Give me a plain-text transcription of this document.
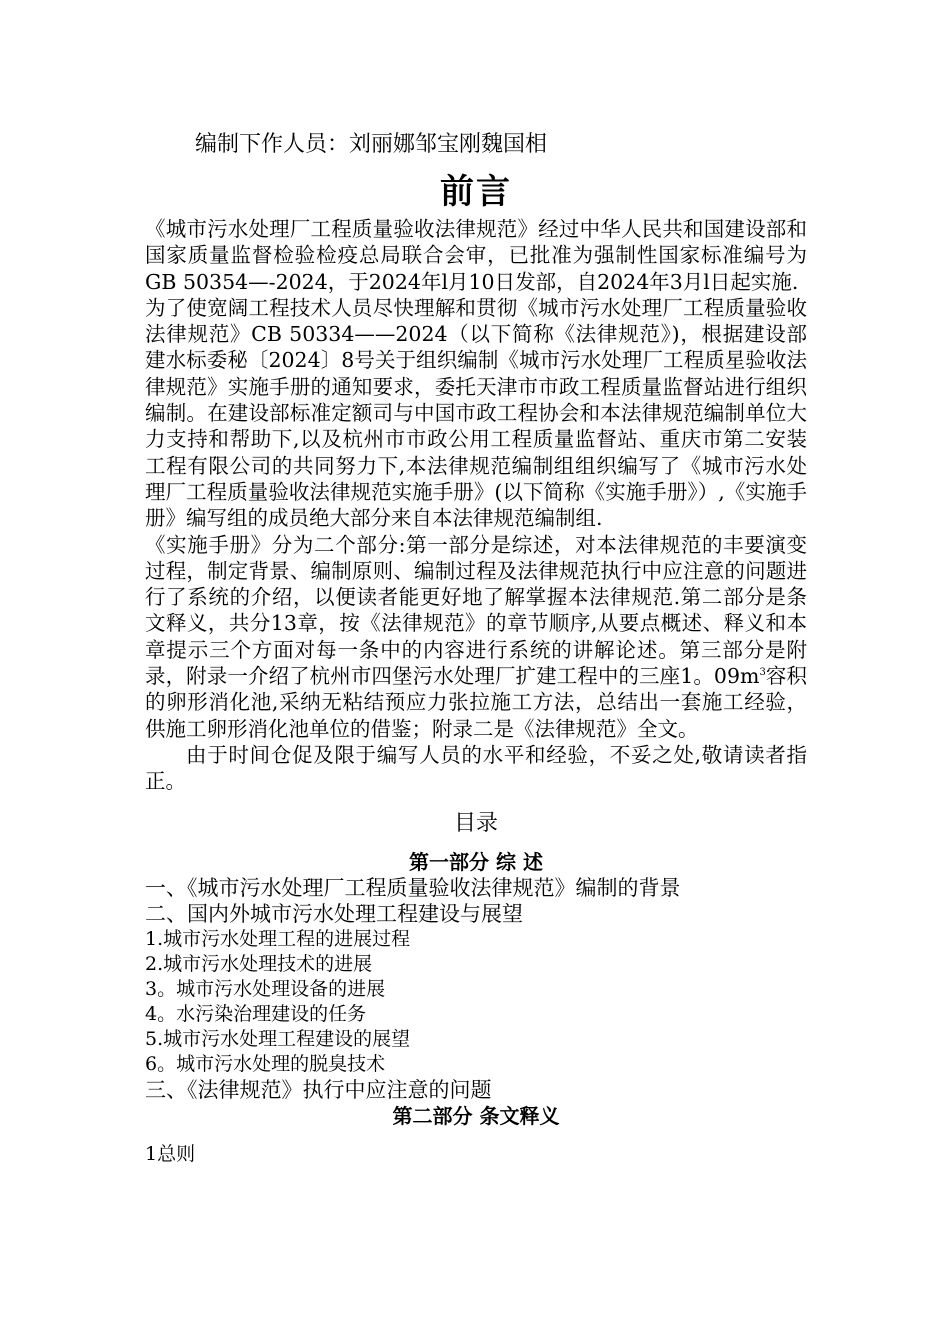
编制下作人员：刘丽娜邹宝刚魏国相
前言

《城市污水处理厂工程质量验收法律规范》经过中华人民共和国建设部和国家质量监督检验检疫总局联合会审，已批准为强制性国家标准编号为GB 50354—-2024，于2024年l月10日发部，自2024年3月l日起实施.

为了使宽阔工程技术人员尽快理解和贯彻《城市污水处理厂工程质量验收法律规范》CB 50334——2024（以下简称《法律规范》)，根据建设部建水标委秘〔2024〕8号关于组织编制《城市污水处理厂工程质星验收法律规范》实施手册的通知要求，委托天津市市政工程质量监督站进行组织编制。在建设部标准定额司与中国市政工程协会和本法律规范编制单位大力支持和帮助下,以及杭州市市政公用工程质量监督站、重庆市第二安装工程有限公司的共同努力下,本法律规范编制组组织编写了《城市污水处理厂工程质量验收法律规范实施手册》(以下简称《实施手册》）,《实施手册》编写组的成员绝大部分来自本法律规范编制组.

《实施手册》分为二个部分:第一部分是综述，对本法律规范的丰要演变过程，制定背景、编制原则、编制过程及法律规范执行中应注意的问题进行了系统的介绍，以便读者能更好地了解掌握本法律规范.第二部分是条文释义，共分13章，按《法律规范》的章节顺序,从要点概述、释义和本章提示三个方面对每一条中的内容进行系统的讲解论述。第三部分是附录，附录一介绍了杭州市四堡污水处理厂扩建工程中的三座1。$09m^3$容积的卵形消化池,采纳无粘结预应力张拉施工方法，总结出一套施工经验，供施工卵形消化池单位的借鉴；附录二是《法律规范》全文。

由于时间仓促及限于编写人员的水平和经验，不妥之处,敬请读者指正。

目录
第一部分 综 述
一、《城市污水处理厂工程质量验收法律规范》编制的背景
二、国内外城市污水处理工程建设与展望
1.城市污水处理工程的进展过程
2.城市污水处理技术的进展
3。城市污水处理设备的进展
4。水污染治理建设的任务
5.城市污水处理工程建设的展望
6。城市污水处理的脱臭技术
三、《法律规范》执行中应注意的问题
第二部分 条文释义
1总则
